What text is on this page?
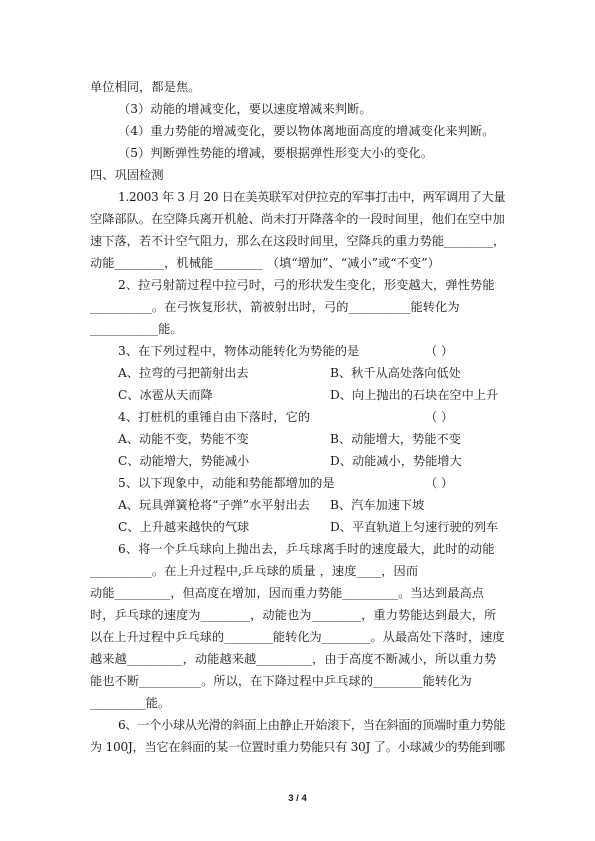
单位相同，都是焦。
（3）动能的增减变化，要以速度增减来判断。
（4）重力势能的增减变化，要以物体离地面高度的增减变化来判断。
（5）判断弹性势能的增减，要根据弹性形变大小的变化。
四、巩固检测
1.2003 年 3 月 20 日在美英联军对伊拉克的军事打击中，两军调用了大量
空降部队。在空降兵离开机舱、尚未打开降落伞的一段时间里，他们在空中加
速下落，若不计空气阻力，那么在这段时间里，空降兵的重力势能________，
动能________，机械能________ （填“增加”、“减小”或“不变”）
2、拉弓射箭过程中拉弓时，弓的形状发生变化，形变越大，弹性势能
__________。在弓恢复形状，箭被射出时，弓的__________能转化为
___________能。
3、在下列过程中，物体动能转化为势能的是	（ ）
A、拉弯的弓把箭射出去	B、秋千从高处落向低处
C、冰雹从天而降	D、向上抛出的石块在空中上升
4、打桩机的重锤自由下落时，它的	（ ）
A、动能不变，势能不变	B、动能增大，势能不变
C、动能增大，势能减小	D、动能减小，势能增大
5、以下现象中，动能和势能都增加的是	（ ）
A、玩具弹簧枪将“子弹”水平射出去 B、汽车加速下坡
C、上升越来越快的气球	D、平直轨道上匀速行驶的列车
6、将一个乒乓球向上抛出去，乒乓球离手时的速度最大，此时的动能
__________。在上升过程中,乒乓球的质量 ，速度____，因而
动能_________，但高度在增加，因而重力势能_________。当达到最高点
时，乒乓球的速度为________，动能也为________，重力势能达到最大，所
以在上升过程中乒乓球的________能转化为________。从最高处下落时，速度
越来越_________，动能越来越_________，由于高度不断减小，所以重力势
能也不断__________。所以，在下降过程中乒乓球的________能转化为
_________能。
6、一个小球从光滑的斜面上由静止开始滚下，当在斜面的顶端时重力势能
为 100J，当它在斜面的某一位置时重力势能只有 30J 了。小球减少的势能到哪
3 / 4
